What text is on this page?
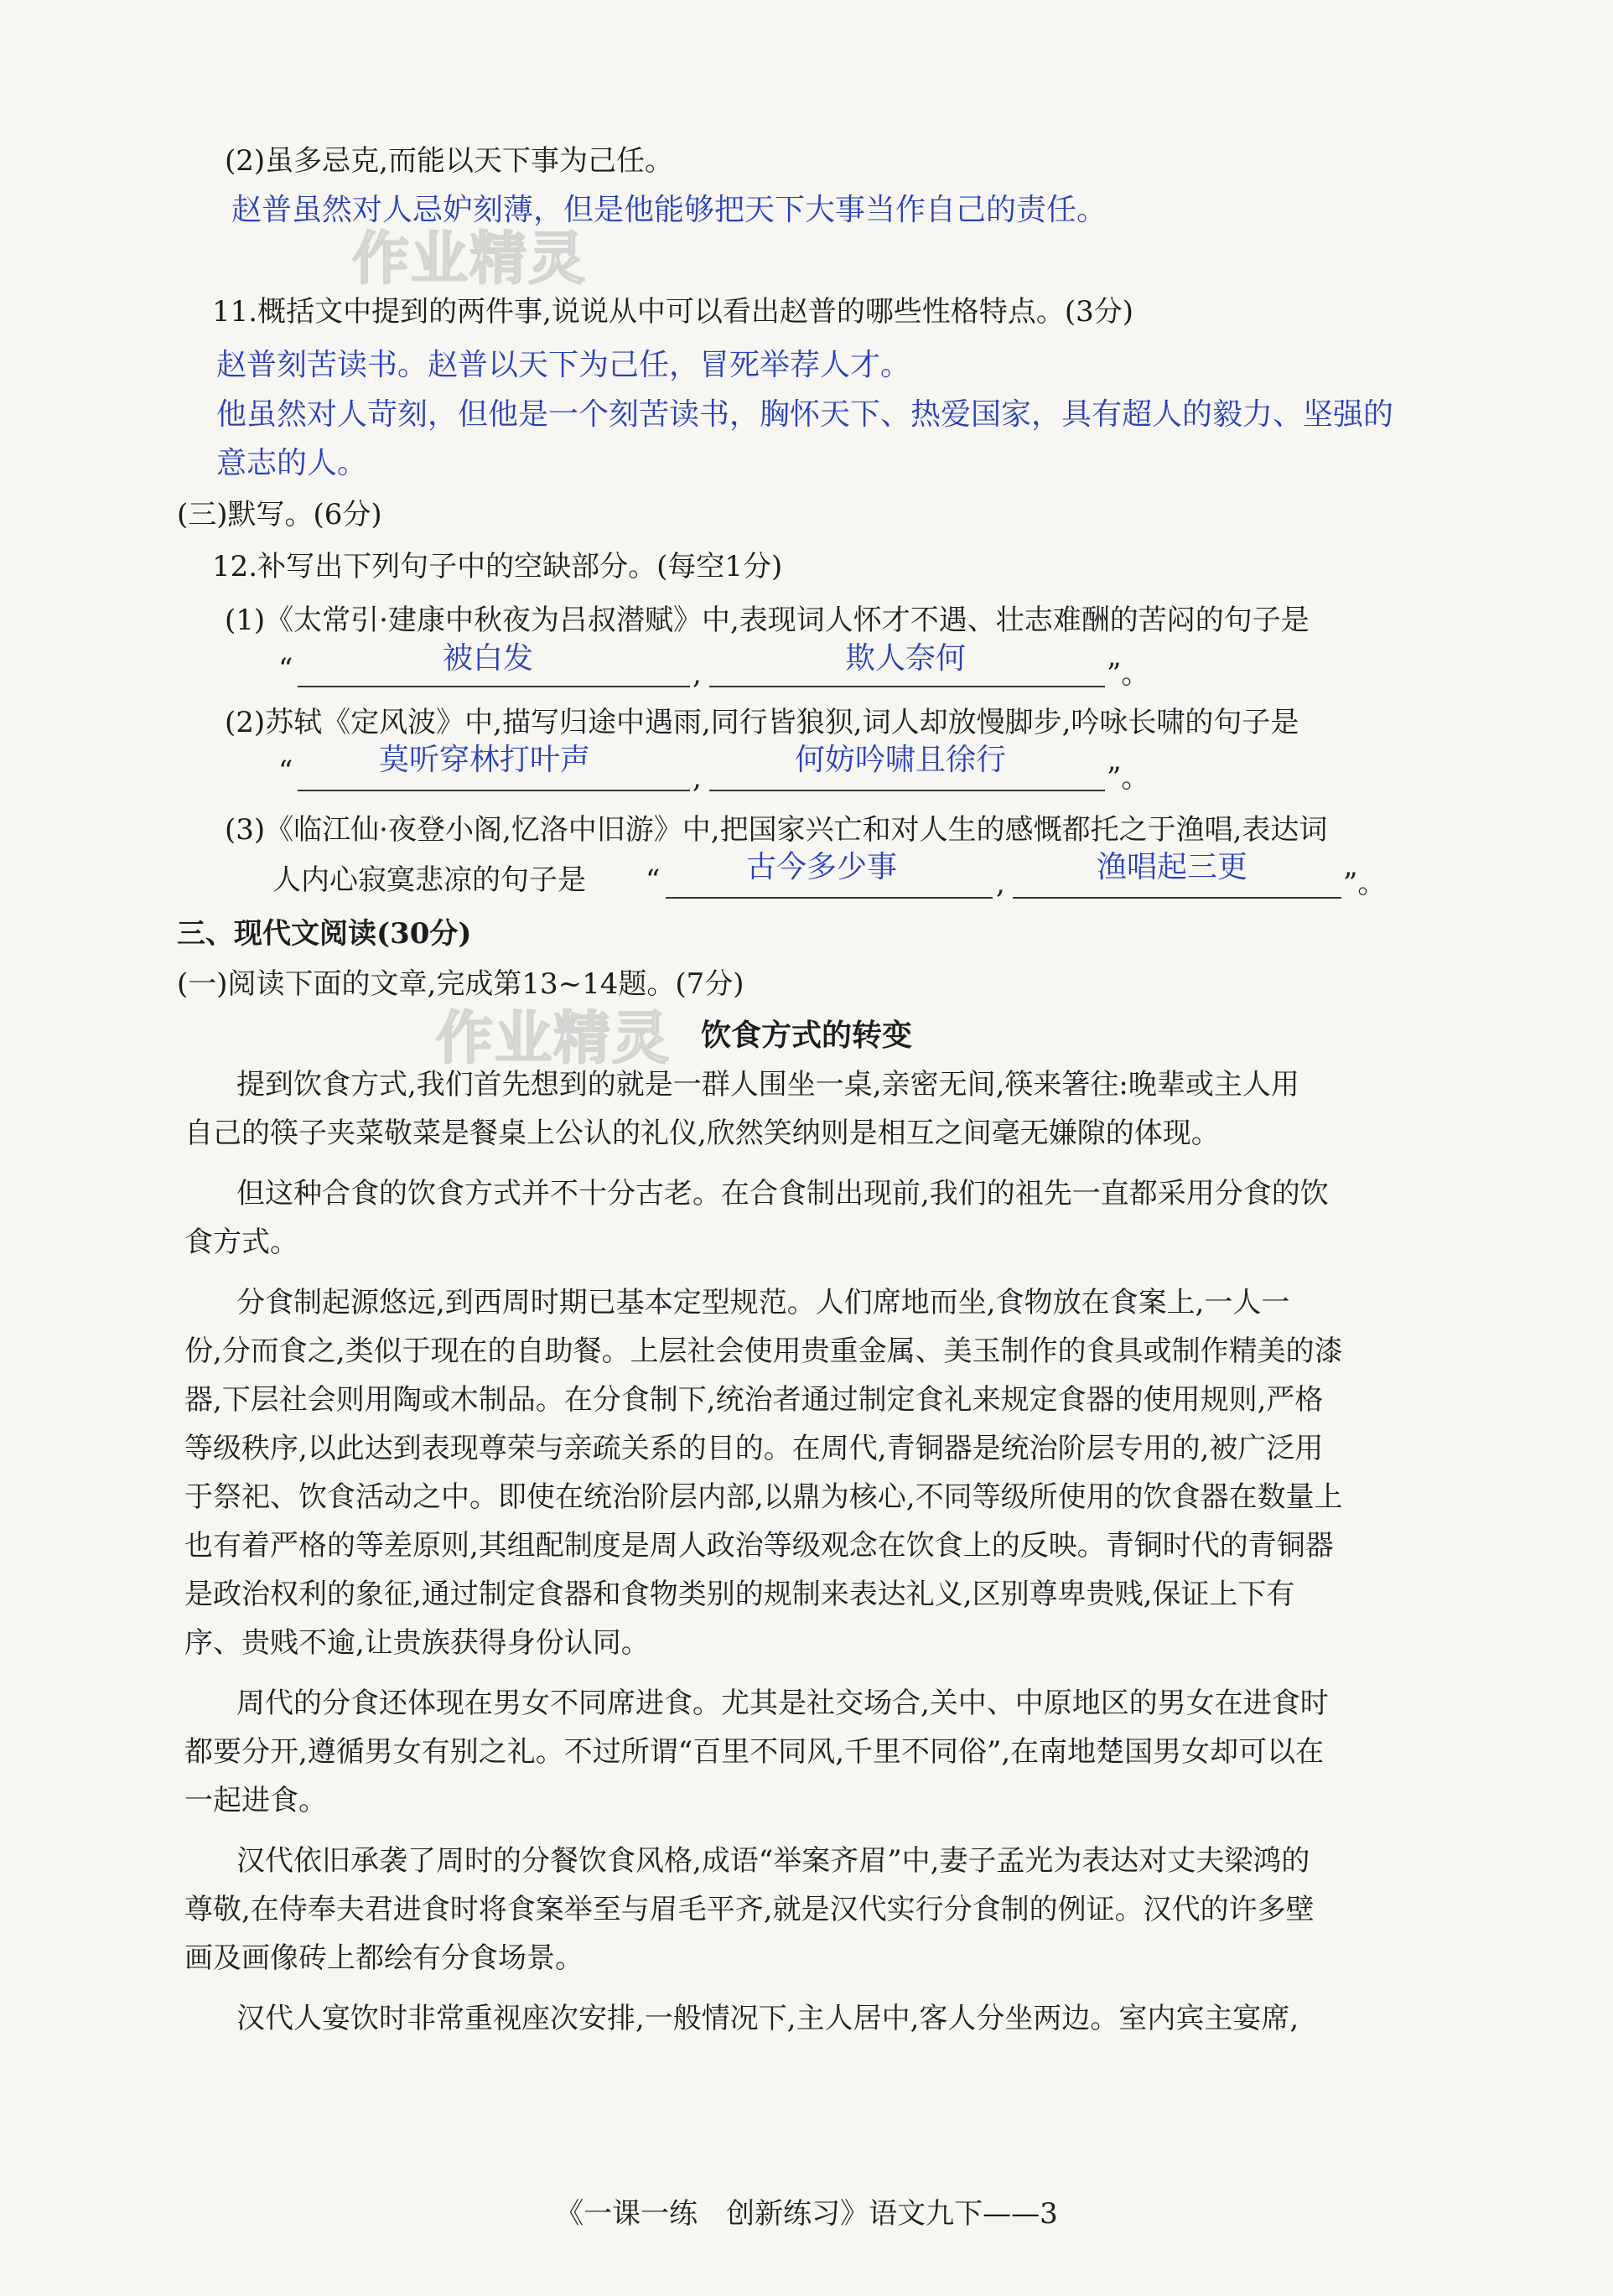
作业精灵
作业精灵
(2)虽多忌克,而能以天下事为己任。
赵普虽然对人忌妒刻薄，但是他能够把天下大事当作自己的责任。
11.概括文中提到的两件事,说说从中可以看出赵普的哪些性格特点。(3分)
赵普刻苦读书。赵普以天下为己任，冒死举荐人才。
他虽然对人苛刻，但他是一个刻苦读书，胸怀天下、热爱国家，具有超人的毅力、坚强的
意志的人。
(三)默写。(6分)
12.补写出下列句子中的空缺部分。(每空1分)
(1)《太常引·建康中秋夜为吕叔潜赋》中,表现词人怀才不遇、壮志难酬的苦闷的句子是
“	被白发	,	欺人奈何	”。
(2)苏轼《定风波》中,描写归途中遇雨,同行皆狼狈,词人却放慢脚步,吟咏长啸的句子是
“	莫听穿林打叶声
,
何妨吟啸且徐行
”。
(3)《临江仙·夜登小阁,忆洛中旧游》中,把国家兴亡和对人生的感慨都托之于渔唱,表达词
人内心寂寞悲凉的句子是 “	古今多少事	,	渔唱起三更	”。
三、现代文阅读(30分)
(一)阅读下面的文章,完成第13~14题。(7分)
饮食方式的转变
提到饮食方式,我们首先想到的就是一群人围坐一桌,亲密无间,筷来箸往:晚辈或主人用
自己的筷子夹菜敬菜是餐桌上公认的礼仪,欣然笑纳则是相互之间毫无嫌隙的体现。
但这种合食的饮食方式并不十分古老。在合食制出现前,我们的祖先一直都采用分食的饮
食方式。
分食制起源悠远,到西周时期已基本定型规范。人们席地而坐,食物放在食案上,一人一
份,分而食之,类似于现在的自助餐。上层社会使用贵重金属、美玉制作的食具或制作精美的漆
器,下层社会则用陶或木制品。在分食制下,统治者通过制定食礼来规定食器的使用规则,严格
等级秩序,以此达到表现尊荣与亲疏关系的目的。在周代,青铜器是统治阶层专用的,被广泛用
于祭祀、饮食活动之中。即使在统治阶层内部,以鼎为核心,不同等级所使用的饮食器在数量上
也有着严格的等差原则,其组配制度是周人政治等级观念在饮食上的反映。青铜时代的青铜器
是政治权利的象征,通过制定食器和食物类别的规制来表达礼义,区别尊卑贵贱,保证上下有
序、贵贱不逾,让贵族获得身份认同。
周代的分食还体现在男女不同席进食。尤其是社交场合,关中、中原地区的男女在进食时
都要分开,遵循男女有别之礼。不过所谓“百里不同风,千里不同俗”,在南地楚国男女却可以在
一起进食。
汉代依旧承袭了周时的分餐饮食风格,成语“举案齐眉”中,妻子孟光为表达对丈夫梁鸿的
尊敬,在侍奉夫君进食时将食案举至与眉毛平齐,就是汉代实行分食制的例证。汉代的许多壁
画及画像砖上都绘有分食场景。
汉代人宴饮时非常重视座次安排,一般情况下,主人居中,客人分坐两边。室内宾主宴席,
《一课一练　创新练习》语文九下——3
